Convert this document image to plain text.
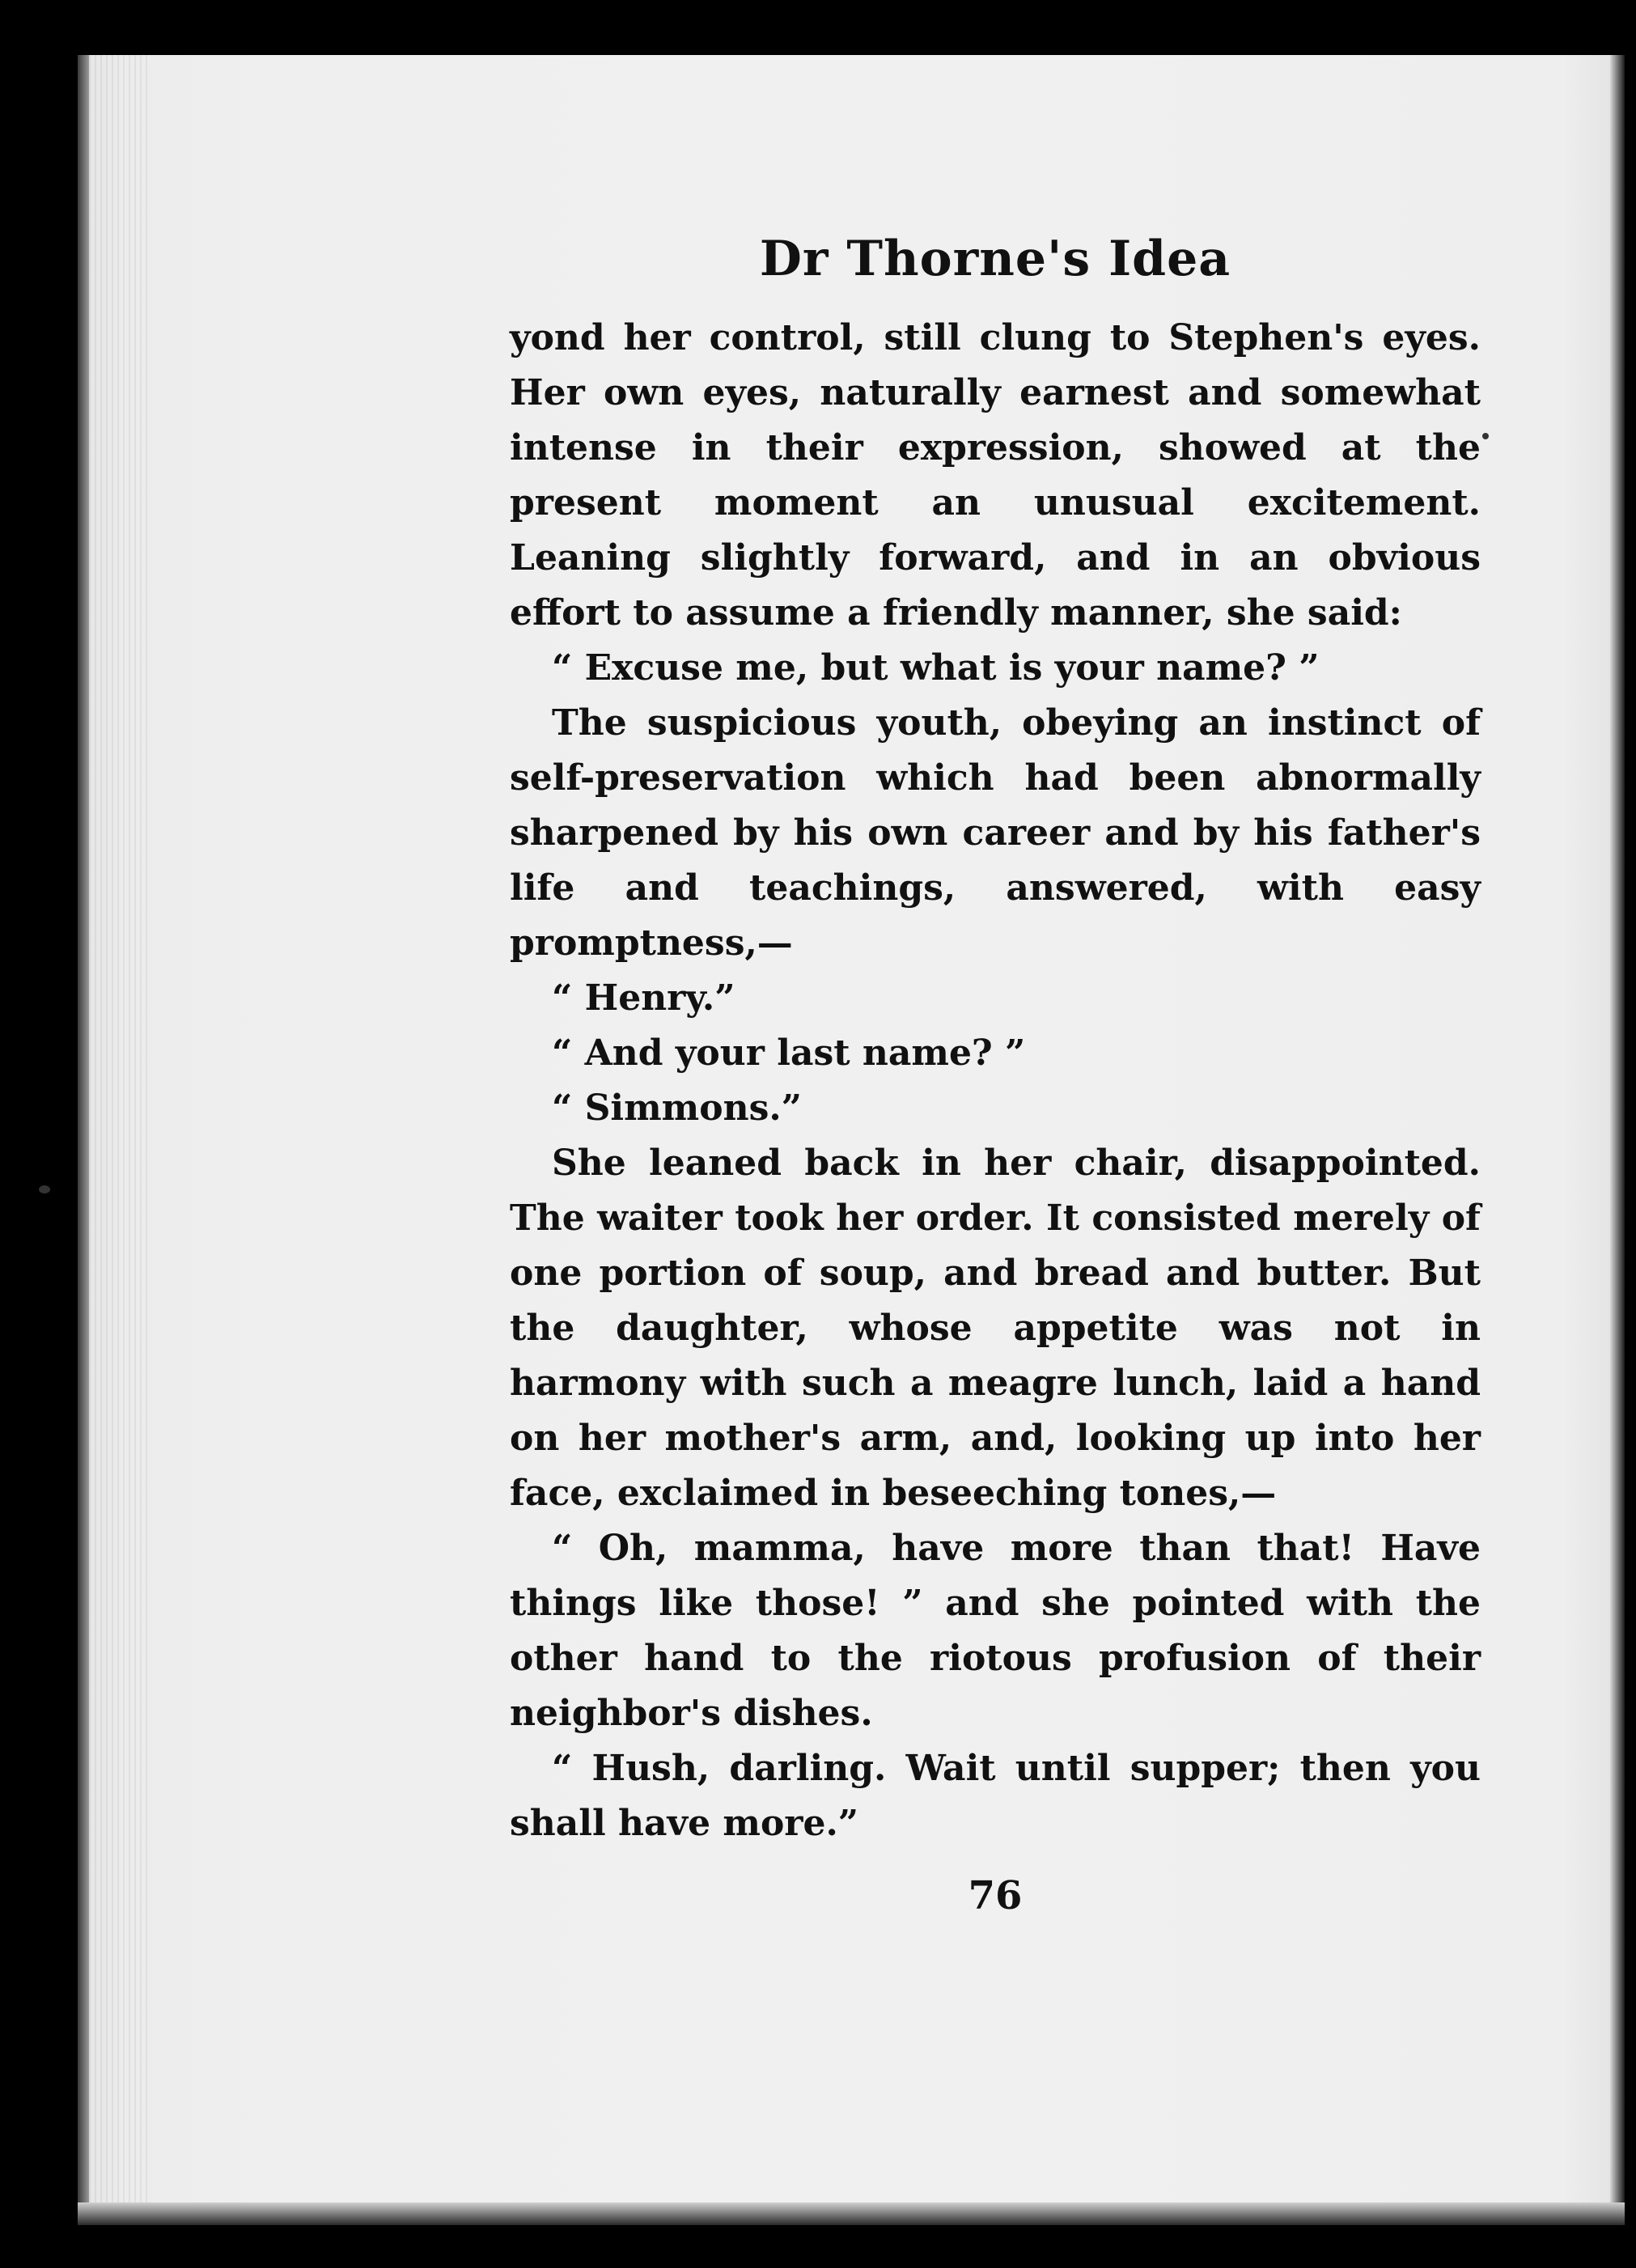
Dr Thorne's Idea

yond her control, still clung to Stephen's eyes. Her own eyes, naturally earnest and somewhat intense in their expression, showed at the present moment an unusual excitement. Leaning slightly forward, and in an obvious effort to assume a friendly manner, she said:

“ Excuse me, but what is your name? ”

The suspicious youth, obeying an instinct of self-preservation which had been abnormally sharpened by his own career and by his father's life and teachings, answered, with easy promptness,—

“ Henry.”

“ And your last name? ”

“ Simmons.”

She leaned back in her chair, disappointed. The waiter took her order. It consisted merely of one portion of soup, and bread and butter. But the daughter, whose appetite was not in harmony with such a meagre lunch, laid a hand on her mother's arm, and, looking up into her face, exclaimed in beseeching tones,—

“ Oh, mamma, have more than that! Have things like those! ” and she pointed with the other hand to the riotous profusion of their neighbor's dishes.

“ Hush, darling. Wait until supper; then you shall have more.”

76
